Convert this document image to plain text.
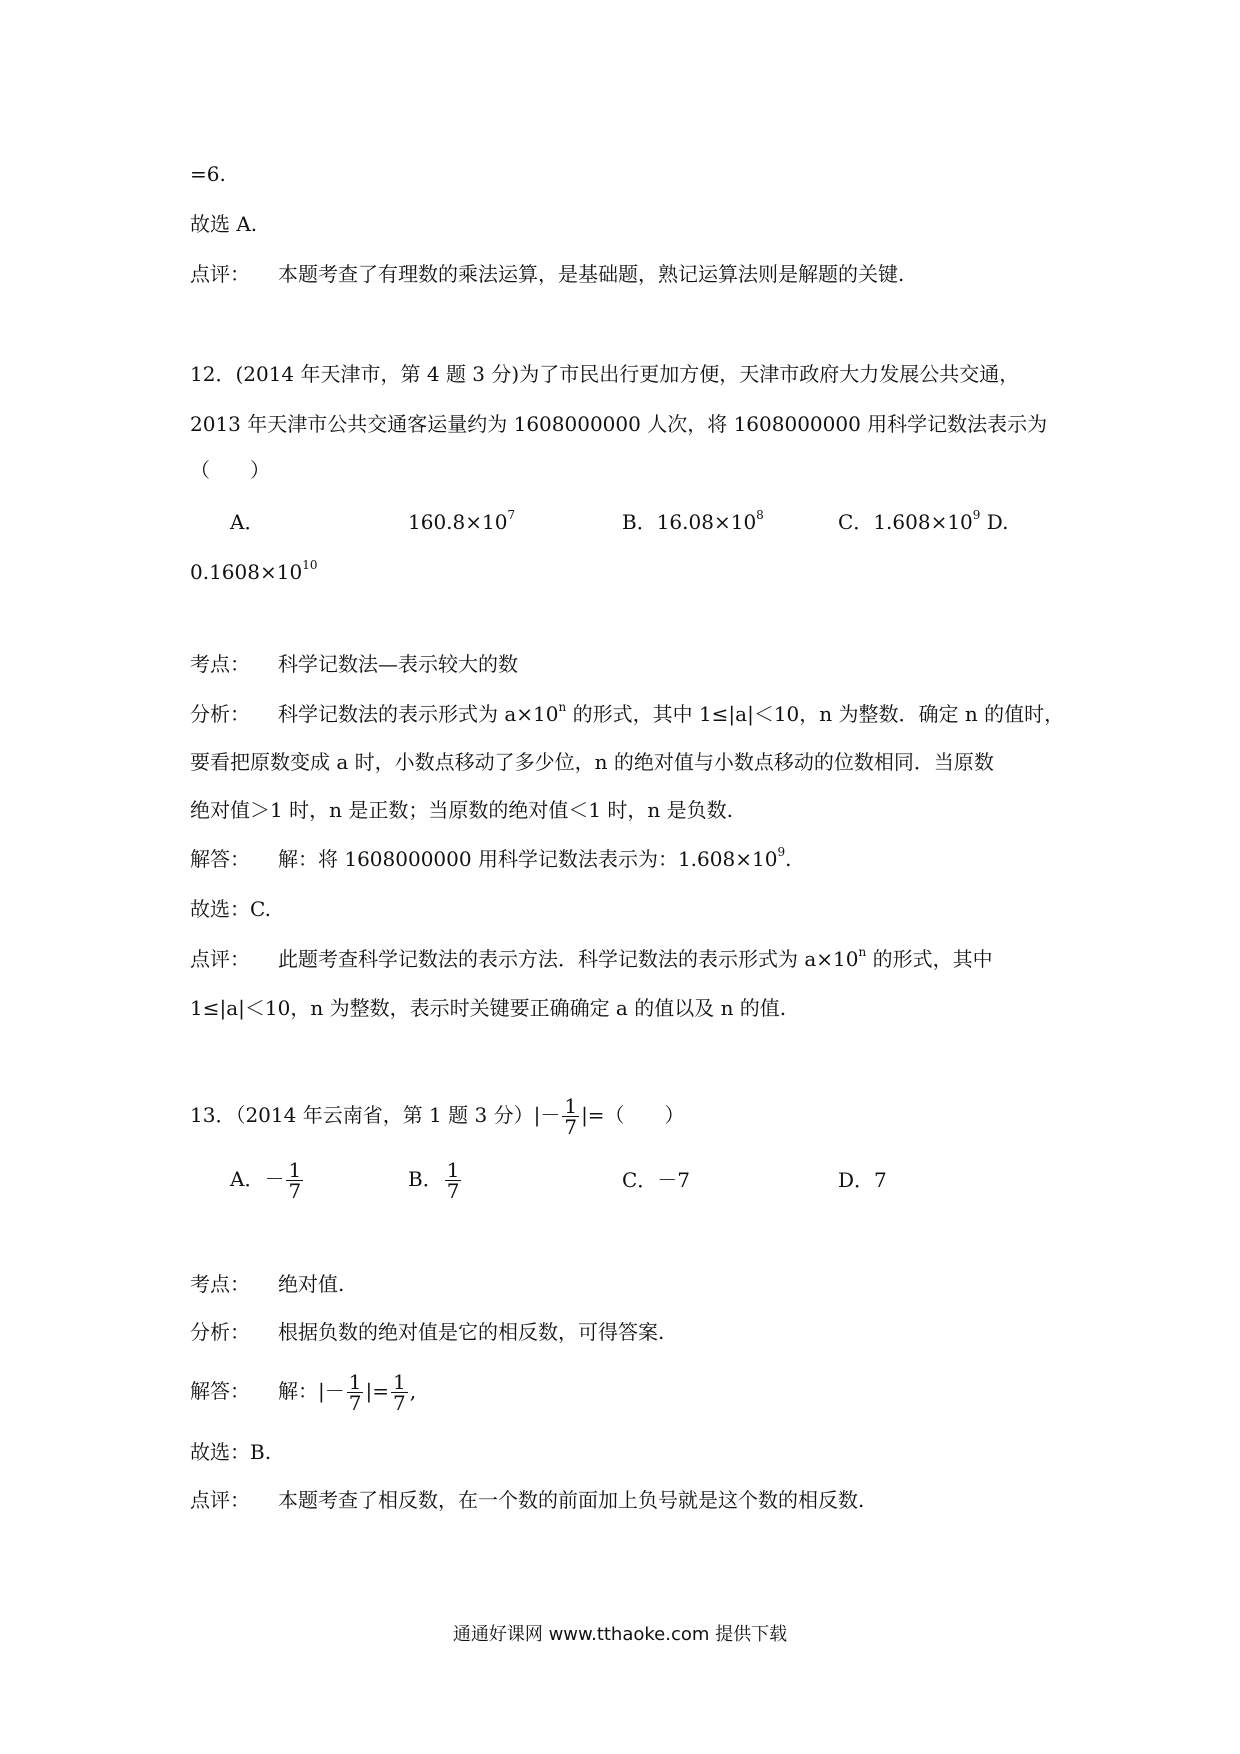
=6.
故选 A.
点评： 本题考查了有理数的乘法运算，是基础题，熟记运算法则是解题的关键.
12．(2014 年天津市，第 4 题 3 分)为了市民出行更加方便，天津市政府大力发展公共交通，
2013 年天津市公共交通客运量约为 1608000000 人次，将 1608000000 用科学记数法表示为
（　　）
A．	$160.8\times 10^7$	B．$16.08\times 10^8$	C．$1.608\times 10^9$ D.
$0.1608\times 10^{10}$
考点： 科学记数法—表示较大的数
分析： 科学记数法的表示形式为 $a\times 10^n$ 的形式，其中 1≤|a|＜10，n 为整数．确定 n 的值时，
要看把原数变成 a 时，小数点移动了多少位，n 的绝对值与小数点移动的位数相同．当原数
绝对值＞1 时，n 是正数；当原数的绝对值＜1 时，n 是负数.
解答： 解：将 1608000000 用科学记数法表示为：$1.608\times 10^9$.
故选：C.
点评： 此题考查科学记数法的表示方法．科学记数法的表示形式为 $a\times 10^n$ 的形式，其中
1≤|a|＜10，n 为整数，表示时关键要正确确定 a 的值以及 n 的值.
13．（2014 年云南省，第 1 题 3 分）|－ $\frac{1}{7}$ |=（　　）
A．－ $\frac{1}{7}$	B． $\frac{1}{7}$	C．－7	D．7
考点： 绝对值.
分析： 根据负数的绝对值是它的相反数，可得答案.
解答： 解：|－ $\frac{1}{7}$ |= $\frac{1}{7}$ ,
故选：B.
点评： 本题考查了相反数，在一个数的前面加上负号就是这个数的相反数.
通通好课网 www.tthaoke.com 提供下载
